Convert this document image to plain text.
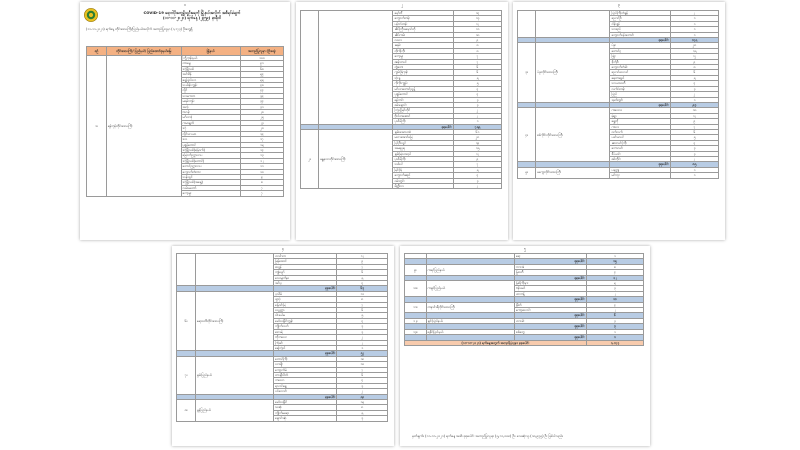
၁
COVID-19 ရောဂါပိုးတွေ့ရှိသူဦးရေကို မြို့နယ်အလိုက် အစီရင်ခံချက်
(၁၁-၁၁-၂၀၂၁) ရက်နေ့ (၂၃၅၉) နာရီထိ
(၁၁-၁၁-၂၀၂၁) ရက်နေ့ တိုင်းဒေသကြီး/ပြည်နယ်အလိုက် အတည်ပြုလူနာ (၁,၁၇၃) ဦးတွေ့ရှိ
စဉ်	တိုင်းဒေသကြီး/ ပြည်နယ်/ ပြည်ထောင်စုနယ်မြေ	မြို့နယ်	အတည်ပြုလူနာ (ဦးရေ)
၁။	ရန်ကုန်တိုင်းဒေသကြီး	ကြို့ကုန်းနယ်	၁၀၀
		တာမွေ	၉၁
		ဒဂုံမြို့သစ်	၆၈
		အင်းစိန်	၅၉
		ရွှေပြည်သာ	၅၅
		သင်္ဃန်းကျွန်း	၄၈
		လှိုင်	၄၄
		သာကေတ	၃၉
		မရမ်းကုန်း	၃၄
		အလုံ	၃၁
		ဗဟန်း	၂၈
		မင်္ဂလာဒုံ	၂၅
		ကမာရွတ်	၂၃
		ဒဂုံ	၂၀
		လှိုင်သာယာ	၁၉
		ဒလ	၁၇
		ပုဇွန်တောင်	၁၅
		ဒဂုံမြို့သစ်(မြောက်)	၁၄
		မြောက်ဥက္ကလာပ	၁၃
		ဒဂုံမြို့သစ်(တောင်)	၁၂
		တောင်ဥက္ကလာပ	၁၁
		ကျောက်တံတား	၁၀
		သန်လျင်	၉
		ဒဂုံမြို့သစ်(အရှေ့)	၈
		လမ်းမတော်	၇
		ကော့မှူး	၇
၂
		မှော်ဘီ	၁၄
		ကျောက်တန်း	၁၃
		ပန်းဘဲတန်း	၁၂
		ဆိပ်ကြီးခနောင်တို	၁၁
		ဆိပ်ကမ်း	၁၀
		လသာ	၉
		ခရမ်း	၈
		တိုက်ကြီး	၈
		ကော့မှူး	၇
		ထန်းတပင်	၇
		တွံတေး	၆
		ကွမ်းခြံကုန်း	၆
		သုံးခွ	၅
		ကိုကိုးကျွန်း	၅
		မင်္ဂလာတောင်ညွန့်	၄
		ပုဇွန်တောင်	၄
		ရန်ကင်း	၃
		စမ်းချောင်း	၃
		ကြည့်မြင်တိုင်	၂
		ဗိုလ်တထောင်	၂
		ပုသိမ်ကြီး	၁
		စုစုပေါင်း	၇၅၅
၂။	မန္တလေးတိုင်းဒေသကြီး	ချမ်းအေးသာစံ	၆၁
		မဟာအောင်မြေ	၂၈
		ပြင်ဦးလွင်	၁၉
		အမရပူရ	၁၅
		ချမ်းမြသာစည်	၁၂
		ပုသိမ်ကြီး	၉
		သစ်ပင်	၇
		မြင်းခြံ	၅
		ကျောက်ဆည်	၄
		ဝမ်းတွင်း	၃
		မိတ္ထီလာ	၂
၃
		ပြည်ကြီးတံခွန်	၂
		ညောင်ဦး	၁
		ငါန်းဇွန်	၁
		သာစည်	၁
		ကျောက်ပန်းတောင်း	၁
		စုစုပေါင်း	၁၇၅
၃။	ပဲခူးတိုင်းဒေသကြီး	ပဲခူး	၂၈
		တောင်ငူ	၁၅
		ဖြူး	၁၂
		ဒိုက်ဦး	၉
		ကျောက်တံခါး	၈
		ညောင်လေးပင်	၆
		ရေတာရှည်	၅
		သာယာဝတီ	၄
		လက်ပံတန်း	၃
		ပြည်	၂
		အုတ်တွင်း	၁
		စုစုပေါင်း	၉၃
၄။	စစ်ကိုင်းတိုင်းဒေသကြီး	ကလေးဝ	၁၈
		မုံရွာ	၁၂
		ရွှေဘို	၉
		ကသာ	၇
		ဝက်လက်	၆
		ယင်းမာပင်	၅
		ဆားလင်းကြီး	၄
		ကောလင်း	၃
		ဒီပဲယင်း	၃
		စစ်ကိုင်း	၂
		စုစုပေါင်း	၈၅
၅။	မကွေးတိုင်းဒေသကြီး	ပခုက္ကူ	၁
		မင်းဘူး	၁
၄
		ဟင်္သာတ	၁၂
		မြန်အောင်	၉
		ဇလွန်	၇
		ကျုံပျော်	၆
		လေးမျက်နှာ	၅
		အင်္ဂပူ	၄
		စုစုပေါင်း	၆၃
၆။	ဧရာဝတီတိုင်းဒေသကြီး	ပုသိမ်	၁၁
		ဖျာပုံ	၈
		မြောင်းမြ	၇
		လပွတ္တာ	၆
		ဝါးခယ်မ	၅
		မော်လမြိုင်ကျွန်း	၄
		ကျိုက်လတ်	၃
		ဒေးဒရဲ	၃
		ဘိုကလေး	၂
		ကြံခင်း	၂
		ရေကြည်	၁
		စုစုပေါင်း	၅၂
၇။	ရှမ်းပြည်နယ်	တောင်ကြီး	၁၈
		လားရှိုး	၁၀
		ကျောက်မဲ	၇
		တာချီလိတ်	၆
		ကလော	၄
		ညောင်ရွှေ	၃
		ပင်လောင်း	၂
		စုစုပေါင်း	၅၀
၈။	မွန်ပြည်နယ်	မော်လမြိုင်	၁၅
		သထုံ	၈
		ကျိုက်မရော	၅
		ချောင်းဆုံ	၃
၅
		ရေး	၁
		စုစုပေါင်း	၁၅
၉။	ကရင်ပြည်နယ်	ဘားအံ	၈
		မြဝတီ	၄
		စုစုပေါင်း	၁၂
၁၀။	ကချင်ပြည်နယ်	မြစ်ကြီးနား	၅
		ဗန်းမော်	၃
		ဖားကန့်	၂
		စုစုပေါင်း	၁၀
၁၁။	တနင်္သာရီတိုင်းဒေသကြီး	မြိတ်	၄
		ကော့သောင်း	၂
		စုစုပေါင်း	၆
၁၂။	ချင်းပြည်နယ်	ဟားခါး	၃
		စုစုပေါင်း	၃
၁၃။	ရခိုင်ပြည်နယ်	စစ်တွေ	၁
		စုစုပေါင်း	၁
(၁၁-၁၁-၂၀၂၁) ရက်နေ့အတွက် အတည်ပြုလူနာ စုစုပေါင်း			၁,၁၇၃
မှတ်ချက်။ (၁၁-၁၁-၂၀၂၁) ရက်နေ့ အထိ စုစုပေါင်း အတည်ပြုလူနာ (၅,၁၁,၀၀၈) ဦး၊ သေဆုံးသူ (၁၈,၉၃၅) ဦး ဖြစ်ပါသည်။
